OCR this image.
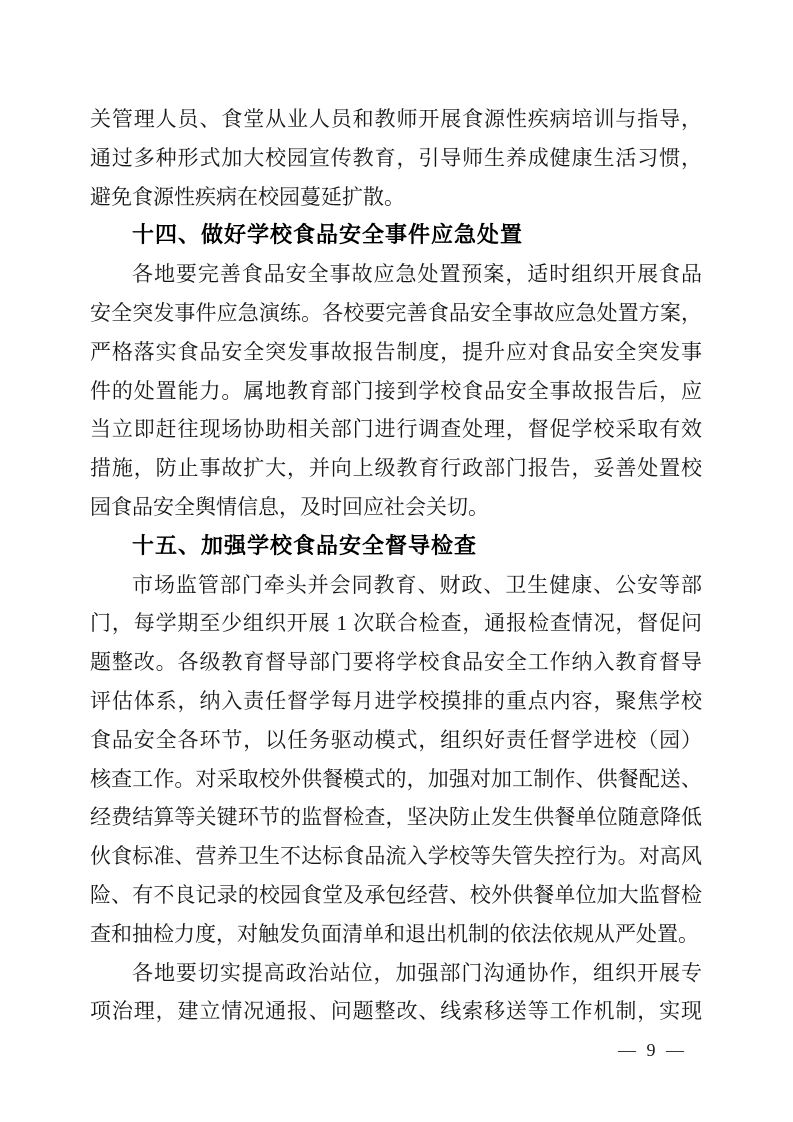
关管理人员、食堂从业人员和教师开展食源性疾病培训与指导，
通过多种形式加大校园宣传教育，引导师生养成健康生活习惯，
避免食源性疾病在校园蔓延扩散。
十四、做好学校食品安全事件应急处置
各地要完善食品安全事故应急处置预案，适时组织开展食品
安全突发事件应急演练。各校要完善食品安全事故应急处置方案，
严格落实食品安全突发事故报告制度，提升应对食品安全突发事
件的处置能力。属地教育部门接到学校食品安全事故报告后，应
当立即赶往现场协助相关部门进行调查处理，督促学校采取有效
措施，防止事故扩大，并向上级教育行政部门报告，妥善处置校
园食品安全舆情信息，及时回应社会关切。
十五、加强学校食品安全督导检查
市场监管部门牵头并会同教育、财政、卫生健康、公安等部
门，每学期至少组织开展 1 次联合检查，通报检查情况，督促问
题整改。各级教育督导部门要将学校食品安全工作纳入教育督导
评估体系，纳入责任督学每月进学校摸排的重点内容，聚焦学校
食品安全各环节，以任务驱动模式，组织好责任督学进校（园）
核查工作。对采取校外供餐模式的，加强对加工制作、供餐配送、
经费结算等关键环节的监督检查，坚决防止发生供餐单位随意降低
伙食标准、营养卫生不达标食品流入学校等失管失控行为。对高风
险、有不良记录的校园食堂及承包经营、校外供餐单位加大监督检
查和抽检力度，对触发负面清单和退出机制的依法依规从严处置。
各地要切实提高政治站位，加强部门沟通协作，组织开展专
项治理，建立情况通报、问题整改、线索移送等工作机制，实现
— 9 —
